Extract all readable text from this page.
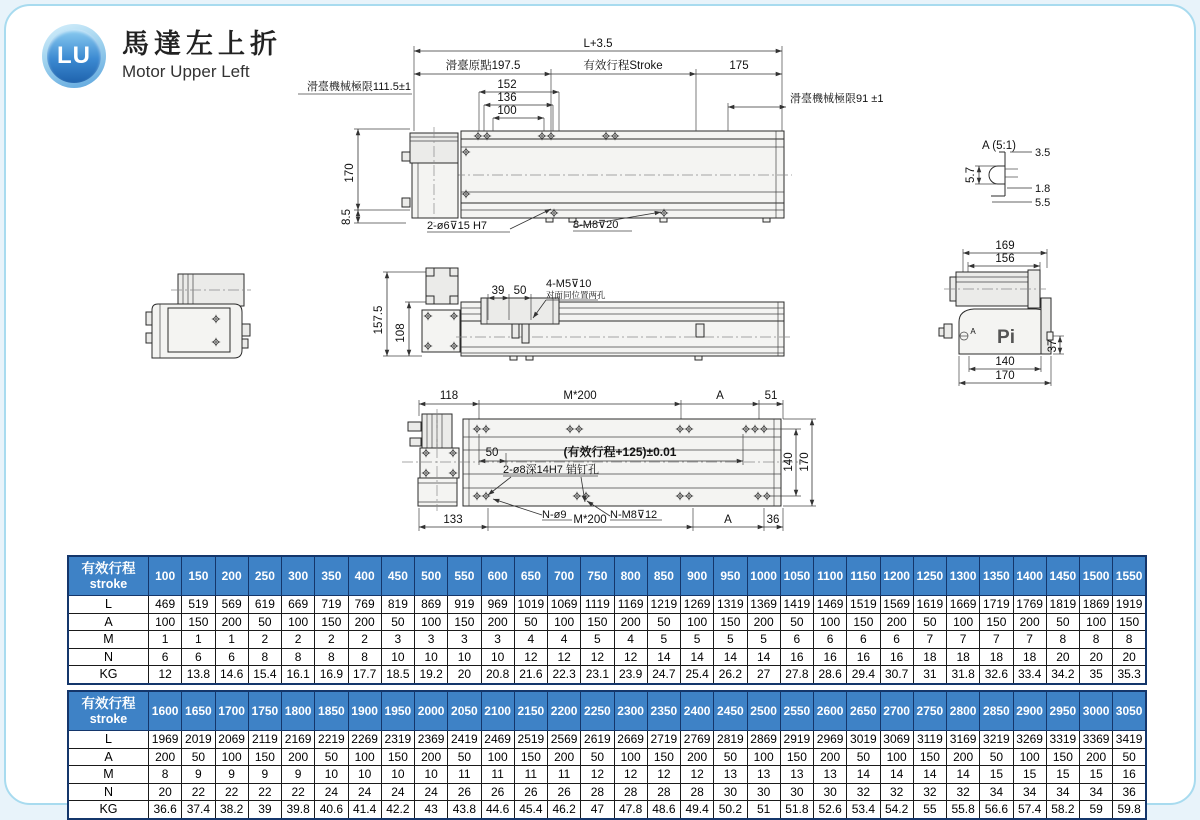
LU 馬達左上折
Motor Upper Left
L+3.5
滑臺原點197.5	有效行程Stroke	175
滑臺機械極限111.5±1	152
136
100
滑臺機械極限91 ±1
170
8.5
2-ø6⊽15 H7	8-M8⊽20
A (5:1)
3.5
5.7
1.8
5.5
157.5 108
39 50
4-M5⊽10
对面同位置两孔
169
156
A Pi	37
140
170
118	M*200	A	51
50	(有效行程+125)±0.01
2-ø8深14H7 销钉孔	140 170
N-ø9	N-M8⊽12
133	M*200	A	36
有效行程
stroke	100	150	200	250	300	350	400	450	500	550	600	650	700	750	800	850	900	950	1000	1050	1100	1150	1200	1250	1300	1350	1400	1450	1500	1550
L	469	519	569	619	669	719	769	819	869	919	969	1019	1069	1119	1169	1219	1269	1319	1369	1419	1469	1519	1569	1619	1669	1719	1769	1819	1869	1919
A	100	150	200	50	100	150	200	50	100	150	200	50	100	150	200	50	100	150	200	50	100	150	200	50	100	150	200	50	100	150
M	1	1	1	2	2	2	2	3	3	3	3	4	4	5	4	5	5	5	5	6	6	6	6	7	7	7	7	8	8	8
N	6	6	6	8	8	8	8	10	10	10	10	12	12	12	12	14	14	14	14	16	16	16	16	18	18	18	18	20	20	20
KG	12	13.8	14.6	15.4	16.1	16.9	17.7	18.5	19.2	20	20.8	21.6	22.3	23.1	23.9	24.7	25.4	26.2	27	27.8	28.6	29.4	30.7	31	31.8	32.6	33.4	34.2	35	35.3
有效行程
stroke	1600	1650	1700	1750	1800	1850	1900	1950	2000	2050	2100	2150	2200	2250	2300	2350	2400	2450	2500	2550	2600	2650	2700	2750	2800	2850	2900	2950	3000	3050
L	1969	2019	2069	2119	2169	2219	2269	2319	2369	2419	2469	2519	2569	2619	2669	2719	2769	2819	2869	2919	2969	3019	3069	3119	3169	3219	3269	3319	3369	3419
A	200	50	100	150	200	50	100	150	200	50	100	150	200	50	100	150	200	50	100	150	200	50	100	150	200	50	100	150	200	50
M	8	9	9	9	9	10	10	10	10	11	11	11	11	12	12	12	12	13	13	13	13	14	14	14	14	15	15	15	15	16
N	20	22	22	22	22	24	24	24	24	26	26	26	26	28	28	28	28	30	30	30	30	32	32	32	32	34	34	34	34	36
KG	36.6	37.4	38.2	39	39.8	40.6	41.4	42.2	43	43.8	44.6	45.4	46.2	47	47.8	48.6	49.4	50.2	51	51.8	52.6	53.4	54.2	55	55.8	56.6	57.4	58.2	59	59.8
